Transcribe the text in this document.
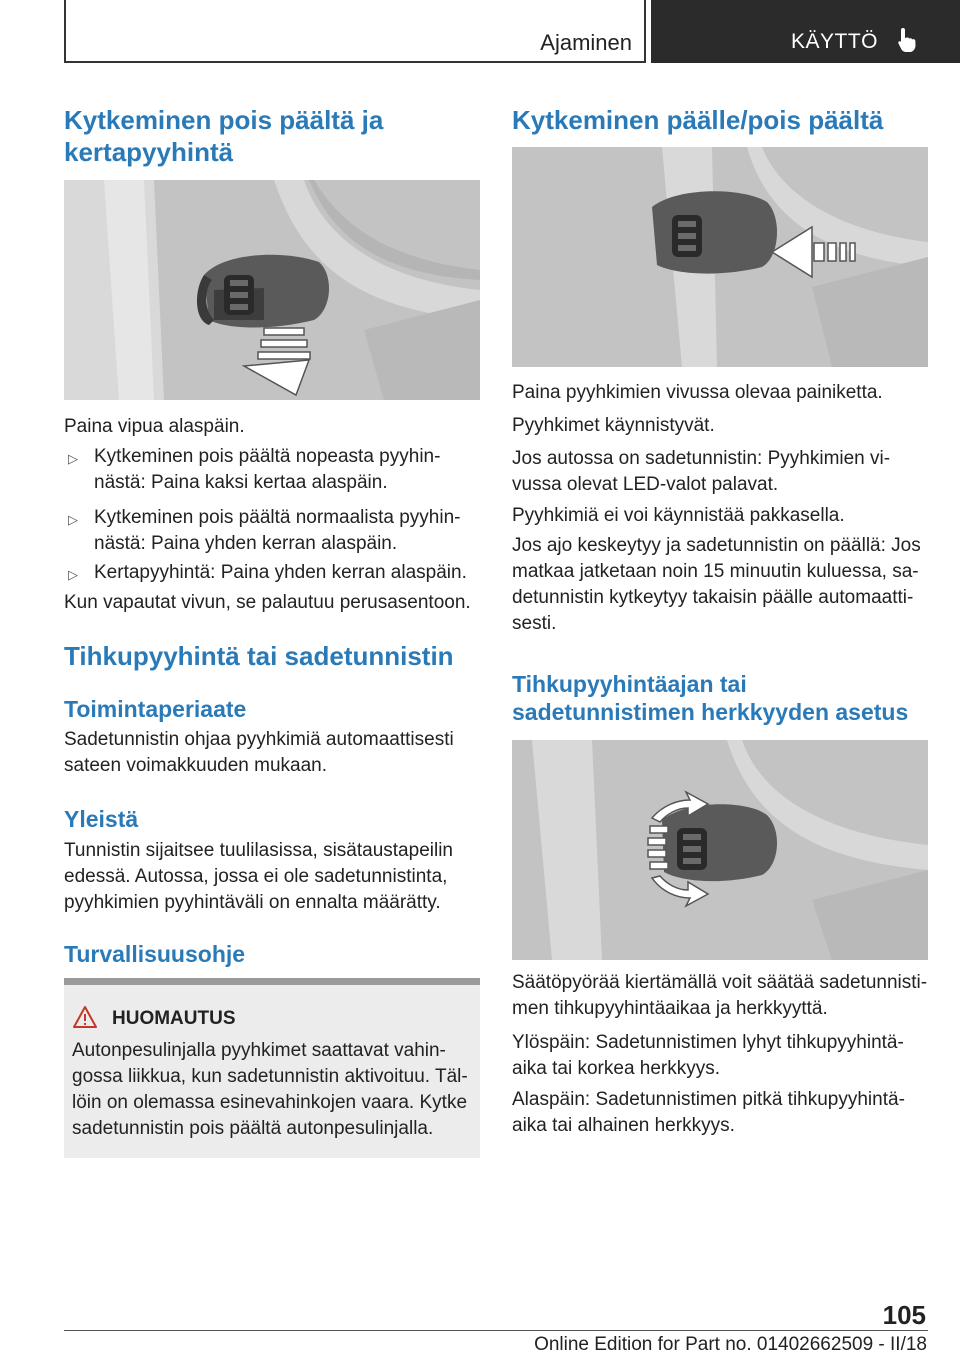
Ajaminen	KÄYTTÖ
Kytkeminen pois päältä ja
kertapyyhintä
Paina vipua alaspäin.
▷ Kytkeminen pois päältä nopeasta pyyhin‐
nästä: Paina kaksi kertaa alaspäin.
▷ Kytkeminen pois päältä normaalista pyyhin‐
nästä: Paina yhden kerran alaspäin.
▷ Kertapyyhintä: Paina yhden kerran alaspäin.
Kun vapautat vivun, se palautuu perusasentoon.
Tihkupyyhintä tai sadetunnistin
Toimintaperiaate
Sadetunnistin ohjaa pyyhkimiä automaattisesti
sateen voimakkuuden mukaan.
Yleistä
Tunnistin sijaitsee tuulilasissa, sisätaustapeilin
edessä. Autossa, jossa ei ole sadetunnistinta,
pyyhkimien pyyhintäväli on ennalta määrätty.
Turvallisuusohje
HUOMAUTUS
Autonpesulinjalla pyyhkimet saattavat vahin‐
gossa liikkua, kun sadetunnistin aktivoituu. Täl‐
löin on olemassa esinevahinkojen vaara. Kytke
sadetunnistin pois päältä autonpesulinjalla.
Kytkeminen päälle/pois päältä
Paina pyyhkimien vivussa olevaa painiketta.
Pyyhkimet käynnistyvät.
Jos autossa on sadetunnistin: Pyyhkimien vi‐
vussa olevat LED-valot palavat.
Pyyhkimiä ei voi käynnistää pakkasella.
Jos ajo keskeytyy ja sadetunnistin on päällä: Jos
matkaa jatketaan noin 15 minuutin kuluessa, sa‐
detunnistin kytkeytyy takaisin päälle automaatti‐
sesti.
Tihkupyyhintäajan tai
sadetunnistimen herkkyyden asetus
Säätöpyörää kiertämällä voit säätää sadetunnisti‐
men tihkupyyhintäaikaa ja herkkyyttä.
Ylöspäin: Sadetunnistimen lyhyt tihkupyyhintä‐
aika tai korkea herkkyys.
Alaspäin: Sadetunnistimen pitkä tihkupyyhintä‐
aika tai alhainen herkkyys.
105
Online Edition for Part no. 01402662509 - II/18
